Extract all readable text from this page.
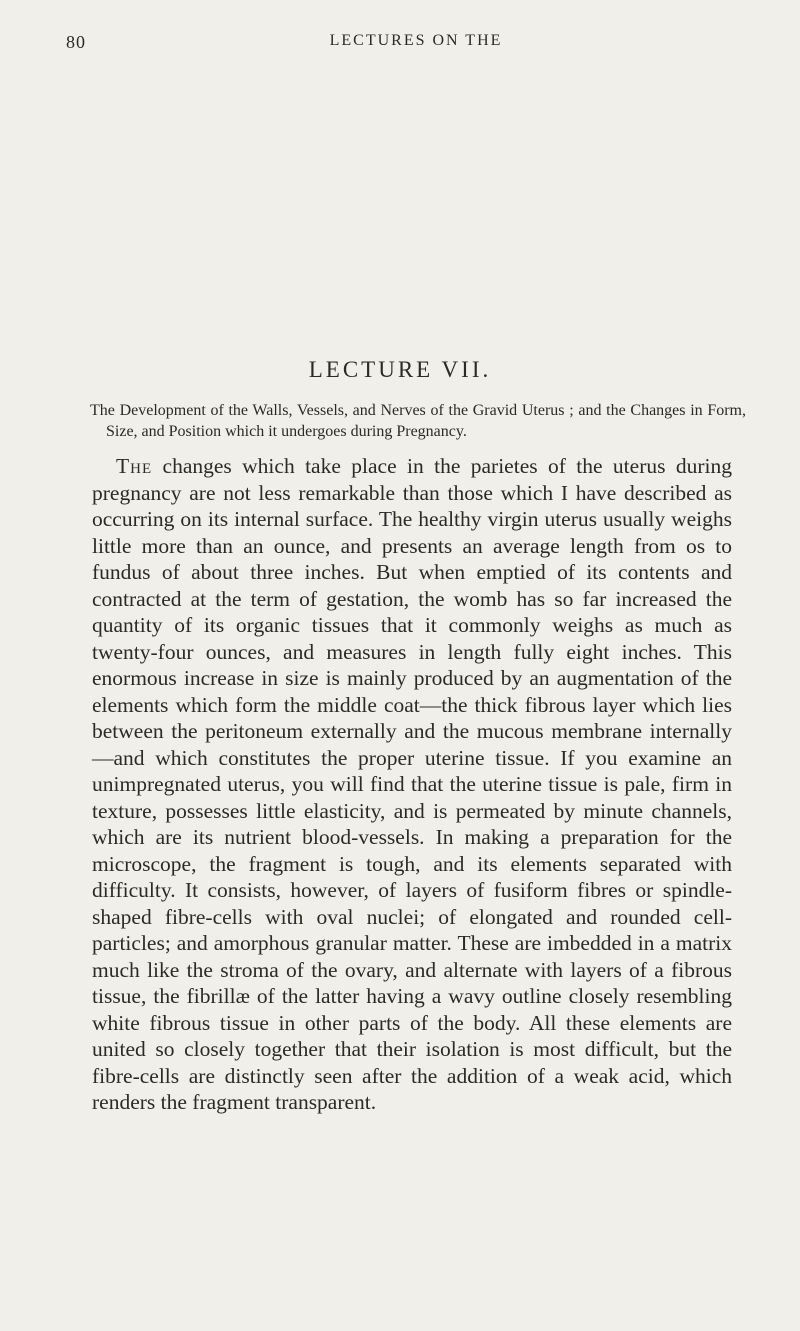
80	LECTURES ON THE
LECTURE VII.
The Development of the Walls, Vessels, and Nerves of the Gravid Uterus ; and the Changes in Form, Size, and Position which it undergoes during Pregnancy.

The changes which take place in the parietes of the uterus during pregnancy are not less remarkable than those which I have described as occurring on its internal surface. The healthy virgin uterus usually weighs little more than an ounce, and presents an average length from os to fundus of about three inches. But when emptied of its contents and contracted at the term of gestation, the womb has so far increased the quantity of its organic tissues that it commonly weighs as much as twenty-four ounces, and measures in length fully eight inches. This enormous increase in size is mainly produced by an augmentation of the elements which form the middle coat—the thick fibrous layer which lies between the peritoneum externally and the mucous membrane internally—and which constitutes the proper uterine tissue. If you examine an unimpregnated uterus, you will find that the uterine tissue is pale, firm in texture, possesses little elasticity, and is permeated by minute channels, which are its nutrient blood-vessels. In making a preparation for the microscope, the fragment is tough, and its elements separated with difficulty. It consists, however, of layers of fusiform fibres or spindle-shaped fibre-cells with oval nuclei; of elongated and rounded cell-particles; and amorphous granular matter. These are imbedded in a matrix much like the stroma of the ovary, and alternate with layers of a fibrous tissue, the fibrillæ of the latter having a wavy outline closely resembling white fibrous tissue in other parts of the body. All these elements are united so closely together that their isolation is most difficult, but the fibre-cells are distinctly seen after the addition of a weak acid, which renders the fragment transparent.
